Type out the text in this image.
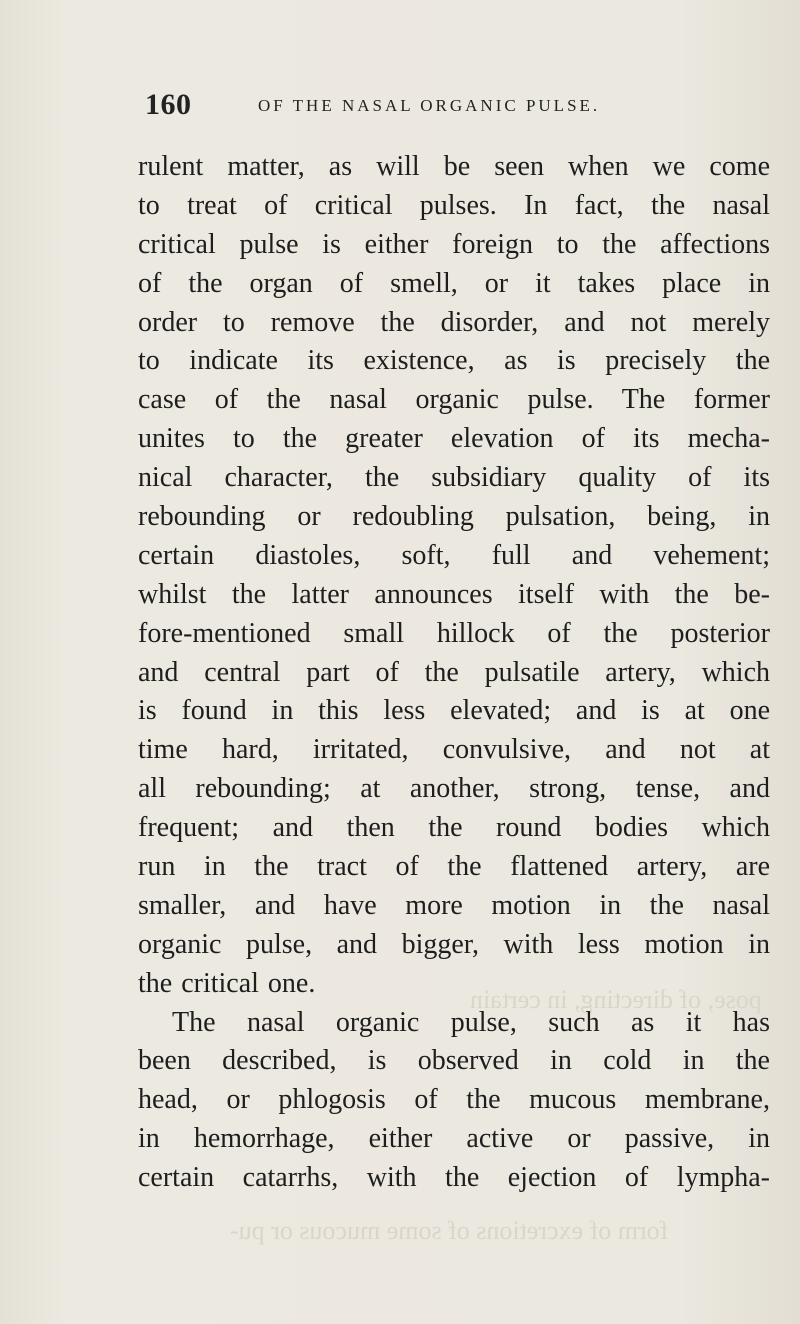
pose, of directing, in certain
form of excretions of some mucous or pu-
160	OF THE NASAL ORGANIC PULSE.
rulent matter, as will be seen when we come
to treat of critical pulses. In fact, the nasal
critical pulse is either foreign to the affections
of the organ of smell, or it takes place in
order to remove the disorder, and not merely
to indicate its existence, as is precisely the
case of the nasal organic pulse. The former
unites to the greater elevation of its mecha-
nical character, the subsidiary quality of its
rebounding or redoubling pulsation, being, in
certain diastoles, soft, full and vehement;
whilst the latter announces itself with the be-
fore-mentioned small hillock of the posterior
and central part of the pulsatile artery, which
is found in this less elevated; and is at one
time hard, irritated, convulsive, and not at
all rebounding; at another, strong, tense, and
frequent; and then the round bodies which
run in the tract of the flattened artery, are
smaller, and have more motion in the nasal
organic pulse, and bigger, with less motion in
the critical one.
The nasal organic pulse, such as it has
been described, is observed in cold in the
head, or phlogosis of the mucous membrane,
in hemorrhage, either active or passive, in
certain catarrhs, with the ejection of lympha-
